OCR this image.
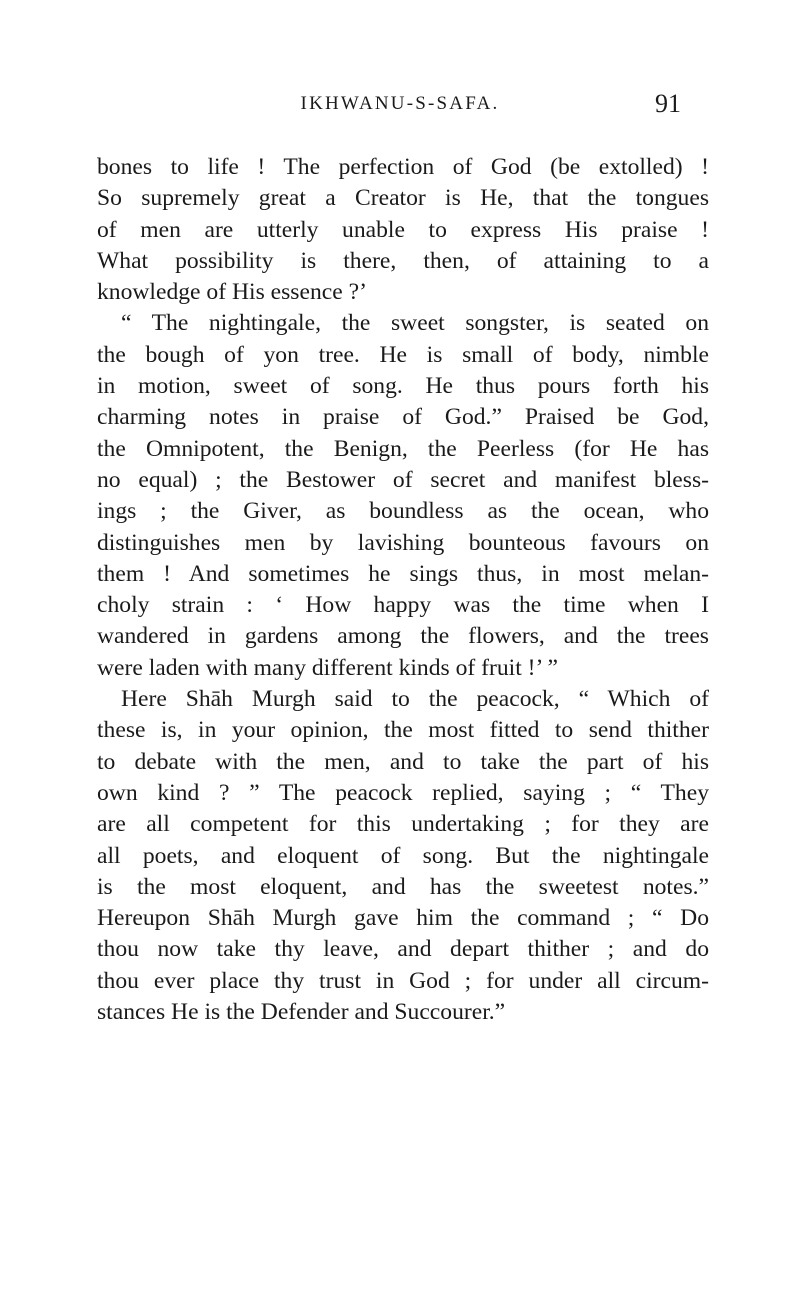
IKHWANU-S-SAFA.	91
bones to life ! The perfection of God (be extolled) !
So supremely great a Creator is He, that the tongues
of men are utterly unable to express His praise !
What possibility is there, then, of attaining to a
knowledge of His essence ?’
“ The nightingale, the sweet songster, is seated on
the bough of yon tree. He is small of body, nimble
in motion, sweet of song. He thus pours forth his
charming notes in praise of God.” Praised be God,
the Omnipotent, the Benign, the Peerless (for He has
no equal) ; the Bestower of secret and manifest bless-
ings ; the Giver, as boundless as the ocean, who
distinguishes men by lavishing bounteous favours on
them ! And sometimes he sings thus, in most melan-
choly strain : ‘ How happy was the time when I
wandered in gardens among the flowers, and the trees
were laden with many different kinds of fruit !’ ”
Here Shāh Murgh said to the peacock, “ Which of
these is, in your opinion, the most fitted to send thither
to debate with the men, and to take the part of his
own kind ? ” The peacock replied, saying ; “ They
are all competent for this undertaking ; for they are
all poets, and eloquent of song. But the nightingale
is the most eloquent, and has the sweetest notes.”
Hereupon Shāh Murgh gave him the command ; “ Do
thou now take thy leave, and depart thither ; and do
thou ever place thy trust in God ; for under all circum-
stances He is the Defender and Succourer.”
